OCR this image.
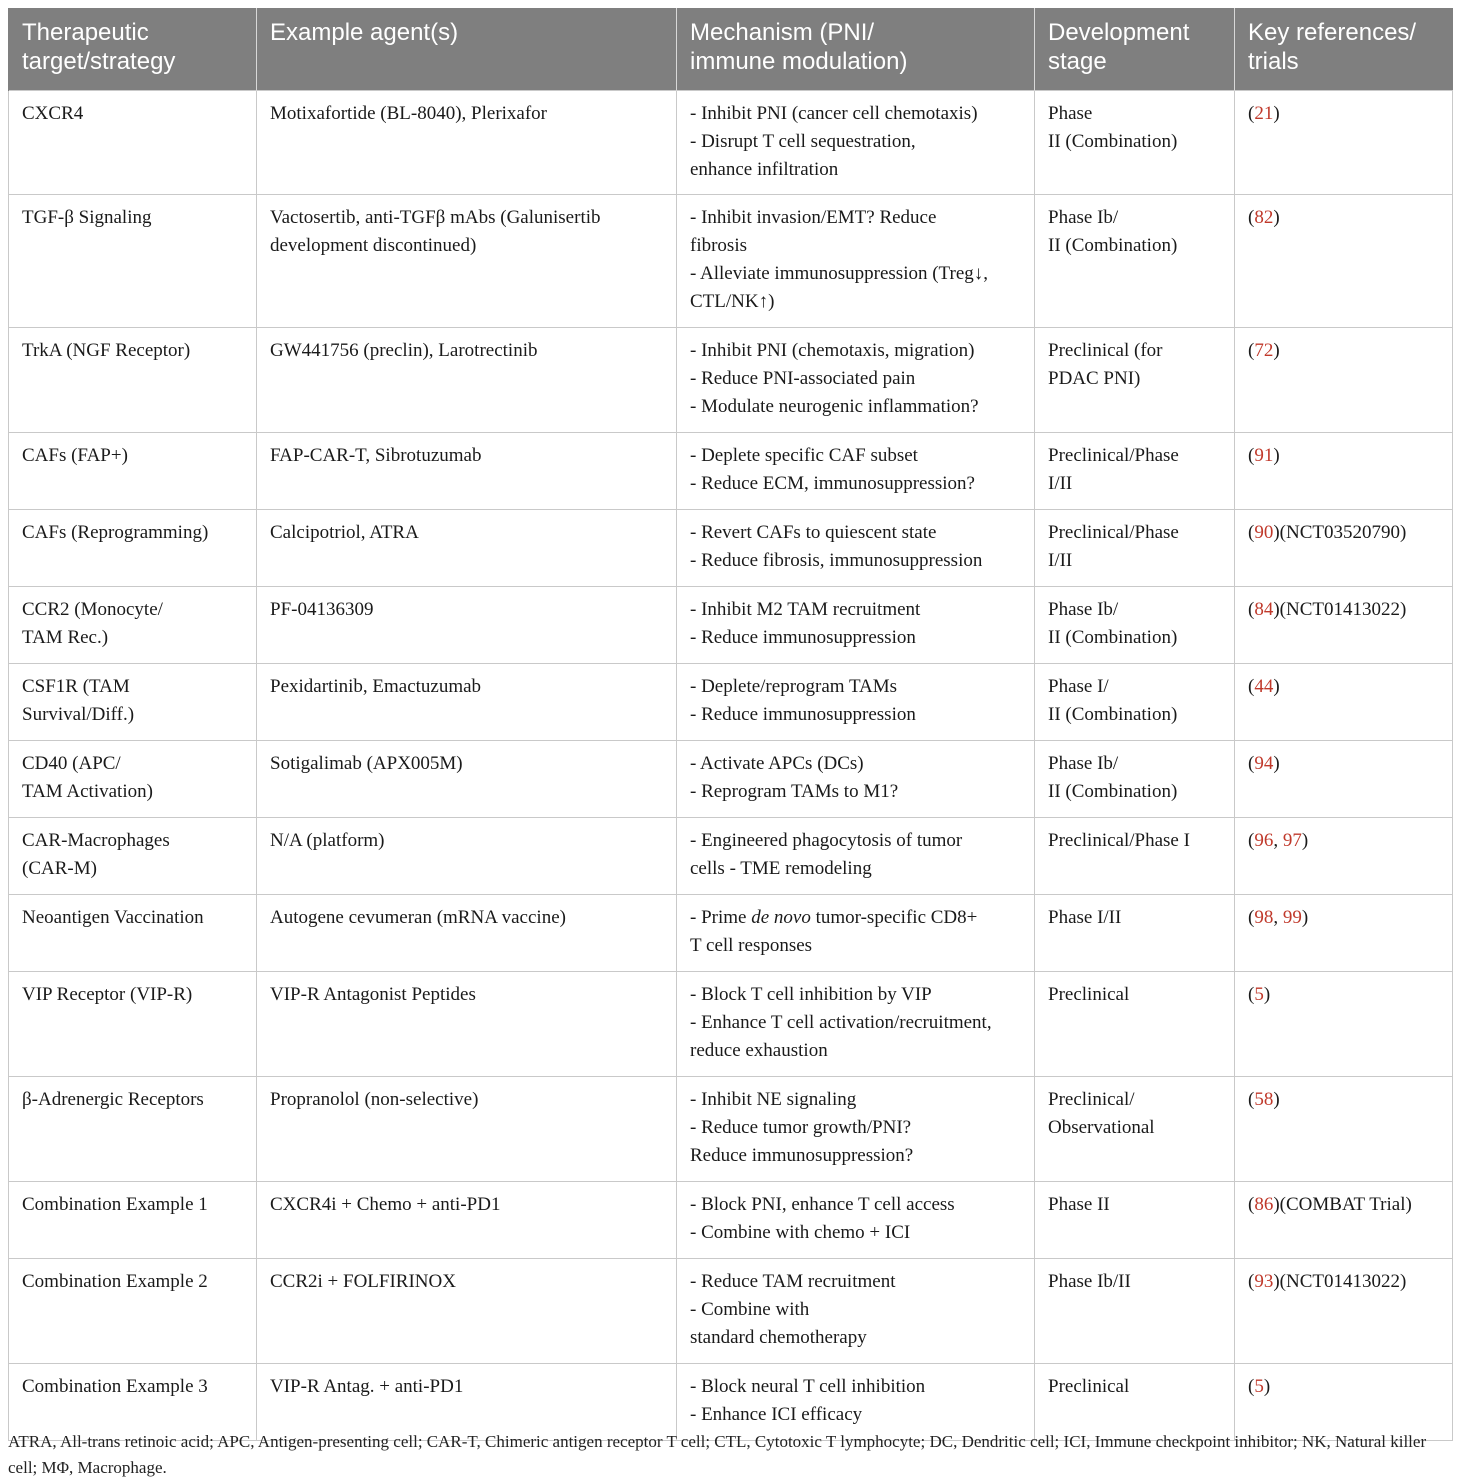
Therapeutic
target/strategy	Example agent(s)	Mechanism (PNI/
immune modulation)	Development
stage	Key references/
trials

CXCR4	Motixafortide (BL-8040), Plerixafor	- Inhibit PNI (cancer cell chemotaxis)
- Disrupt T cell sequestration,
enhance infiltration	Phase
II (Combination)	(21)

TGF-β Signaling	Vactosertib, anti-TGFβ mAbs (Galunisertib
development discontinued)	- Inhibit invasion/EMT? Reduce
fibrosis
- Alleviate immunosuppression (Treg↓,
CTL/NK↑)	Phase Ib/
II (Combination)	(82)

TrkA (NGF Receptor)	GW441756 (preclin), Larotrectinib	- Inhibit PNI (chemotaxis, migration)
- Reduce PNI-associated pain
- Modulate neurogenic inflammation?	Preclinical (for
PDAC PNI)	(72)

CAFs (FAP+)	FAP-CAR-T, Sibrotuzumab	- Deplete specific CAF subset
- Reduce ECM, immunosuppression?	Preclinical/Phase
I/II	(91)

CAFs (Reprogramming)	Calcipotriol, ATRA	- Revert CAFs to quiescent state
- Reduce fibrosis, immunosuppression	Preclinical/Phase
I/II	(90)(NCT03520790)

CCR2 (Monocyte/
TAM Rec.)	PF-04136309	- Inhibit M2 TAM recruitment
- Reduce immunosuppression	Phase Ib/
II (Combination)	(84)(NCT01413022)

CSF1R (TAM
Survival/Diff.)	Pexidartinib, Emactuzumab	- Deplete/reprogram TAMs
- Reduce immunosuppression	Phase I/
II (Combination)	(44)

CD40 (APC/
TAM Activation)	Sotigalimab (APX005M)	- Activate APCs (DCs)
- Reprogram TAMs to M1?	Phase Ib/
II (Combination)	(94)

CAR-Macrophages
(CAR-M)	N/A (platform)	- Engineered phagocytosis of tumor
cells - TME remodeling	Preclinical/Phase I	(96, 97)

Neoantigen Vaccination	Autogene cevumeran (mRNA vaccine)	- Prime de novo tumor-specific CD8+
T cell responses	Phase I/II	(98, 99)

VIP Receptor (VIP-R)	VIP-R Antagonist Peptides	- Block T cell inhibition by VIP
- Enhance T cell activation/recruitment,
reduce exhaustion	Preclinical	(5)

β-Adrenergic Receptors	Propranolol (non-selective)	- Inhibit NE signaling
- Reduce tumor growth/PNI?
Reduce immunosuppression?	Preclinical/
Observational	(58)

Combination Example 1	CXCR4i + Chemo + anti-PD1	- Block PNI, enhance T cell access
- Combine with chemo + ICI	Phase II	(86)(COMBAT Trial)

Combination Example 2	CCR2i + FOLFIRINOX	- Reduce TAM recruitment
- Combine with
standard chemotherapy	Phase Ib/II	(93)(NCT01413022)

Combination Example 3	VIP-R Antag. + anti-PD1	- Block neural T cell inhibition
- Enhance ICI efficacy	Preclinical	(5)
ATRA, All-trans retinoic acid; APC, Antigen-presenting cell; CAR-T, Chimeric antigen receptor T cell; CTL, Cytotoxic T lymphocyte; DC, Dendritic cell; ICI, Immune checkpoint inhibitor; NK, Natural killer cell; MΦ, Macrophage.
